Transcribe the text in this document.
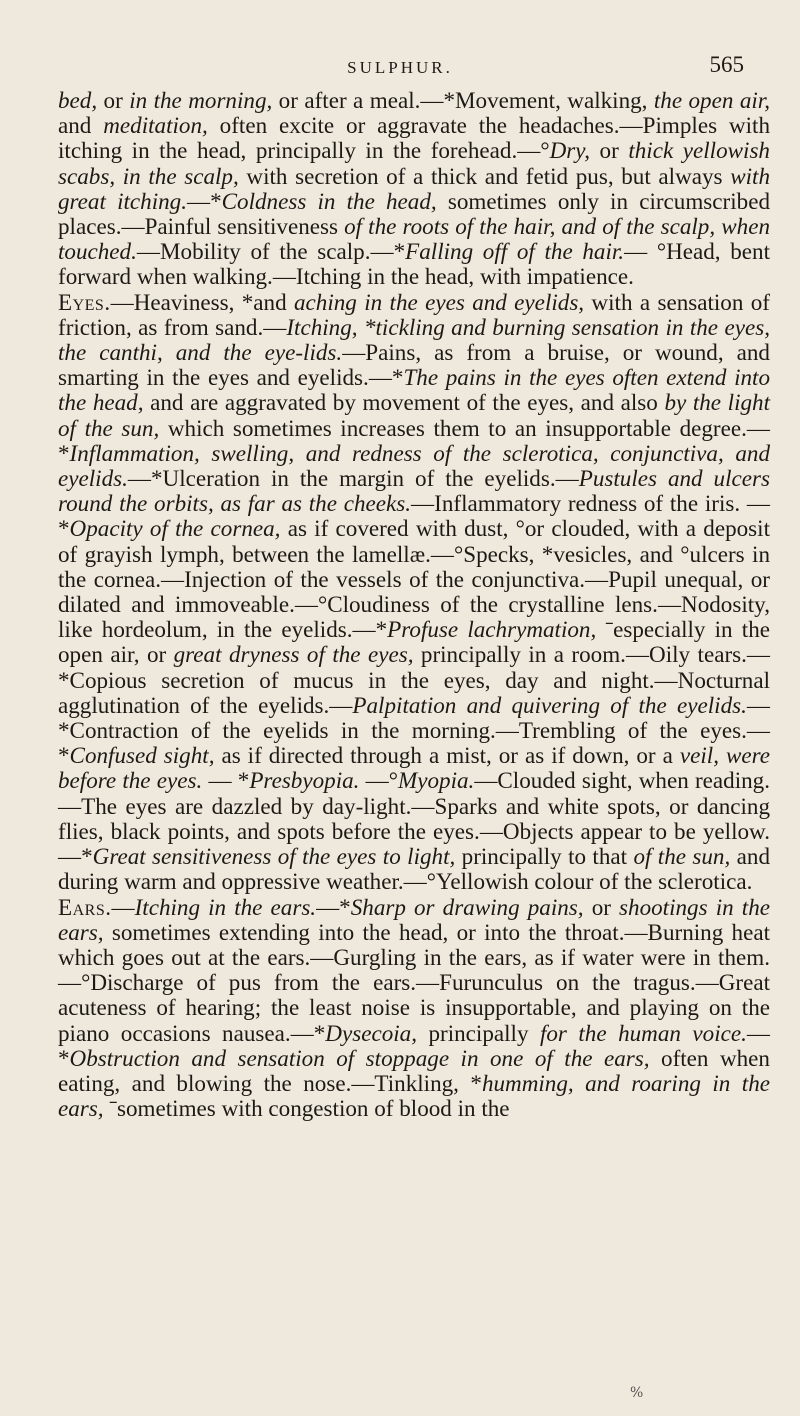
SULPHUR.	565

bed, or in the morning, or after a meal.—*Movement, walking, the open air, and meditation, often excite or aggravate the headaches.—Pimples with itching in the head, principally in the forehead.—°Dry, or thick yellowish scabs, in the scalp, with secretion of a thick and fetid pus, but always with great itching.—*Coldness in the head, sometimes only in circumscribed places.—Painful sensitiveness of the roots of the hair, and of the scalp, when touched.—Mobility of the scalp.—*Falling off of the hair.— °Head, bent forward when walking.—Itching in the head, with impatience.

Eyes.—Heaviness, *and aching in the eyes and eyelids, with a sensation of friction, as from sand.—Itching, *tickling and burning sensation in the eyes, the canthi, and the eye-lids.—Pains, as from a bruise, or wound, and smarting in the eyes and eyelids.—*The pains in the eyes often extend into the head, and are aggravated by movement of the eyes, and also by the light of the sun, which sometimes increases them to an insupportable degree.—*Inflammation, swelling, and redness of the sclerotica, conjunctiva, and eyelids.—*Ulceration in the margin of the eyelids.—Pustules and ulcers round the orbits, as far as the cheeks.—Inflammatory redness of the iris. — *Opacity of the cornea, as if covered with dust, °or clouded, with a deposit of grayish lymph, between the lamellæ.—°Specks, *vesicles, and °ulcers in the cornea.—Injection of the vessels of the conjunctiva.—Pupil unequal, or dilated and immoveable.—°Cloudiness of the crystalline lens.—Nodosity, like hordeolum, in the eyelids.—*Profuse lachrymation, ˉespecially in the open air, or great dryness of the eyes, principally in a room.—Oily tears.—*Copious secretion of mucus in the eyes, day and night.—Nocturnal agglutination of the eyelids.—Palpitation and quivering of the eyelids.—*Contraction of the eyelids in the morning.—Trembling of the eyes.—*Confused sight, as if directed through a mist, or as if down, or a veil, were before the eyes. — *Presbyopia. —°Myopia.—Clouded sight, when reading. —The eyes are dazzled by day-light.—Sparks and white spots, or dancing flies, black points, and spots before the eyes.—Objects appear to be yellow.—*Great sensitiveness of the eyes to light, principally to that of the sun, and during warm and oppressive weather.—°Yellowish colour of the sclerotica.

Ears.—Itching in the ears.—*Sharp or drawing pains, or shootings in the ears, sometimes extending into the head, or into the throat.—Burning heat which goes out at the ears.—Gurgling in the ears, as if water were in them.—°Discharge of pus from the ears.—Furunculus on the tragus.—Great acuteness of hearing; the least noise is insupportable, and playing on the piano occasions nausea.—*Dysecoia, principally for the human voice.— *Obstruction and sensation of stoppage in one of the ears, often when eating, and blowing the nose.—Tinkling, *humming, and roaring in the ears, ˉsometimes with congestion of blood in the

%
